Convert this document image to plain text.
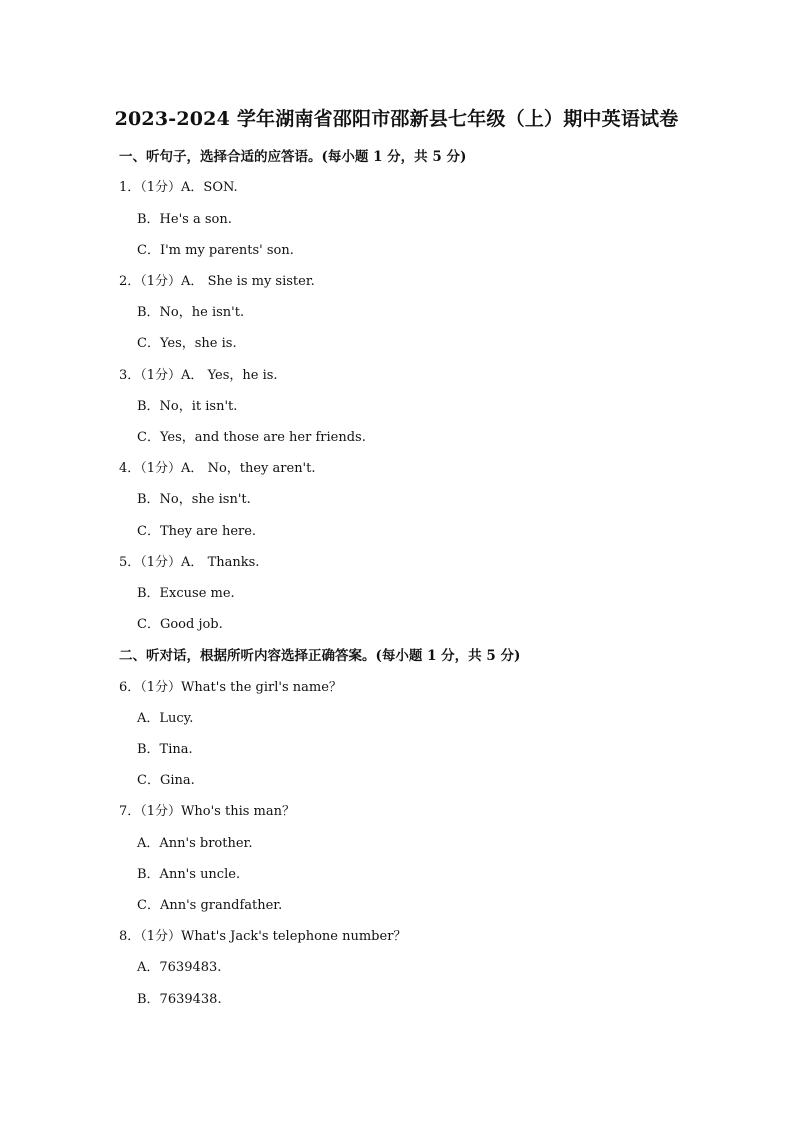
2023-2024 学年湖南省邵阳市邵新县七年级（上）期中英语试卷
一、听句子，选择合适的应答语。(每小题 1 分，共 5 分)
1．（1分）A．SON.
B．He's a son.
C．I'm my parents' son.
2．（1分）A． She is my sister.
B．No，he isn't.
C．Yes，she is.
3．（1分）A． Yes，he is.
B．No，it isn't.
C．Yes，and those are her friends.
4．（1分）A． No，they aren't.
B．No，she isn't.
C．They are here.
5．（1分）A． Thanks.
B．Excuse me.
C．Good job.
二、听对话，根据所听内容选择正确答案。(每小题 1 分，共 5 分)
6．（1分）What's the girl's name？
A．Lucy.
B．Tina.
C．Gina.
7．（1分）Who's this man？
A．Ann's brother.
B．Ann's uncle.
C．Ann's grandfather.
8．（1分）What's Jack's telephone number？
A．7639483.
B．7639438.
